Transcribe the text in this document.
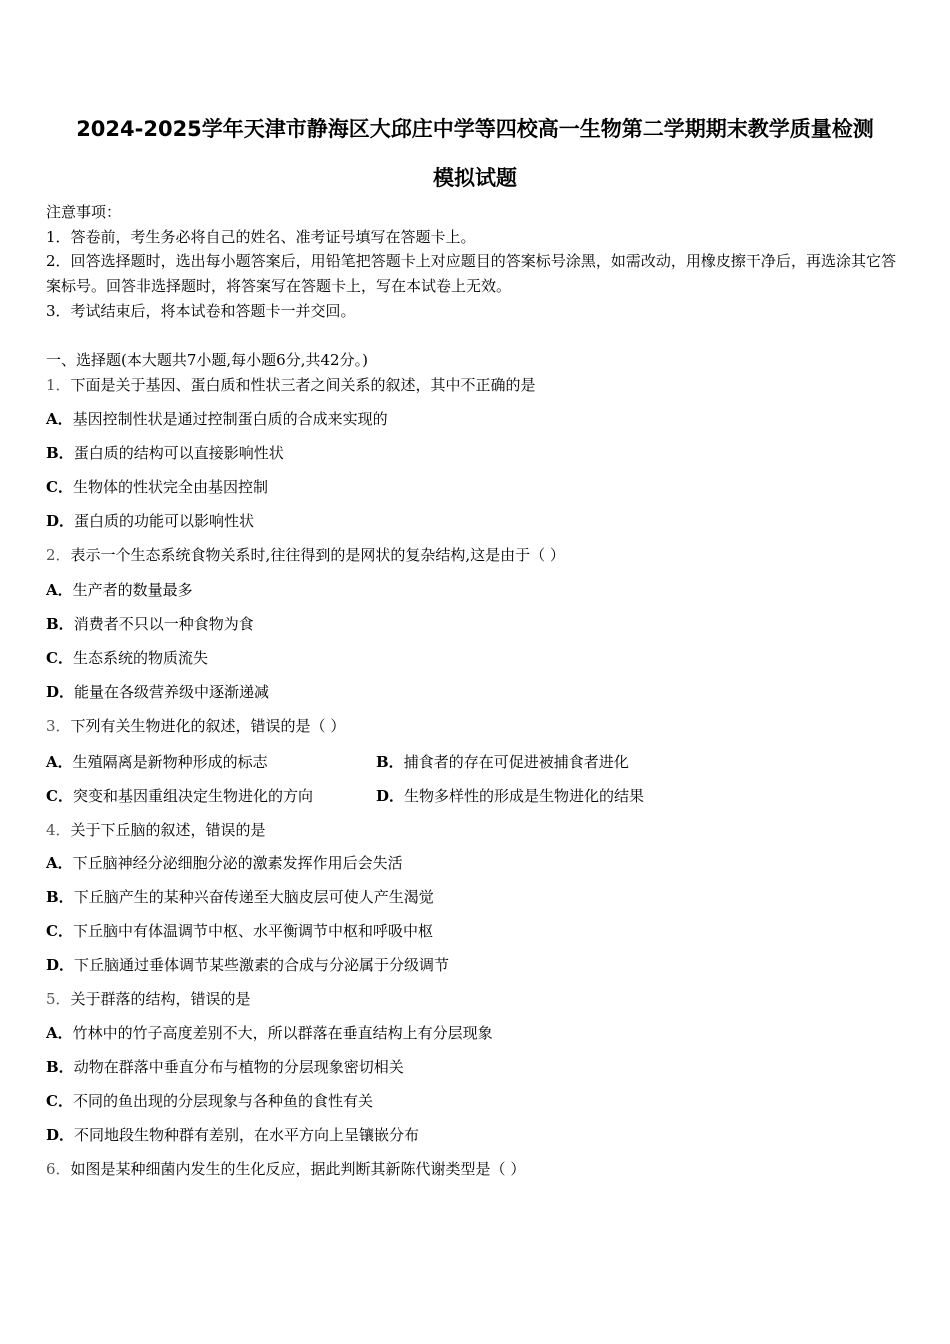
2024-2025学年天津市静海区大邱庄中学等四校高一生物第二学期期末教学质量检测
模拟试题
注意事项：
1．答卷前，考生务必将自己的姓名、准考证号填写在答题卡上。
2．回答选择题时，选出每小题答案后，用铅笔把答题卡上对应题目的答案标号涂黑，如需改动，用橡皮擦干净后，再选涂其它答案标号。回答非选择题时，将答案写在答题卡上，写在本试卷上无效。
3．考试结束后，将本试卷和答题卡一并交回。
一、选择题(本大题共7小题,每小题6分,共42分。)
1．下面是关于基因、蛋白质和性状三者之间关系的叙述，其中不正确的是
A．基因控制性状是通过控制蛋白质的合成来实现的
B．蛋白质的结构可以直接影响性状
C．生物体的性状完全由基因控制
D．蛋白质的功能可以影响性状
2．表示一个生态系统食物关系时,往往得到的是网状的复杂结构,这是由于（ ）
A．生产者的数量最多
B．消费者不只以一种食物为食
C．生态系统的物质流失
D．能量在各级营养级中逐渐递减
3．下列有关生物进化的叙述，错误的是（ ）
A．生殖隔离是新物种形成的标志	B．捕食者的存在可促进被捕食者进化
C．突变和基因重组决定生物进化的方向	D．生物多样性的形成是生物进化的结果
4．关于下丘脑的叙述，错误的是
A．下丘脑神经分泌细胞分泌的激素发挥作用后会失活
B．下丘脑产生的某种兴奋传递至大脑皮层可使人产生渴觉
C．下丘脑中有体温调节中枢、水平衡调节中枢和呼吸中枢
D．下丘脑通过垂体调节某些激素的合成与分泌属于分级调节
5．关于群落的结构，错误的是
A．竹林中的竹子高度差别不大，所以群落在垂直结构上有分层现象
B．动物在群落中垂直分布与植物的分层现象密切相关
C．不同的鱼出现的分层现象与各种鱼的食性有关
D．不同地段生物种群有差别，在水平方向上呈镶嵌分布
6．如图是某种细菌内发生的生化反应，据此判断其新陈代谢类型是（ ）
